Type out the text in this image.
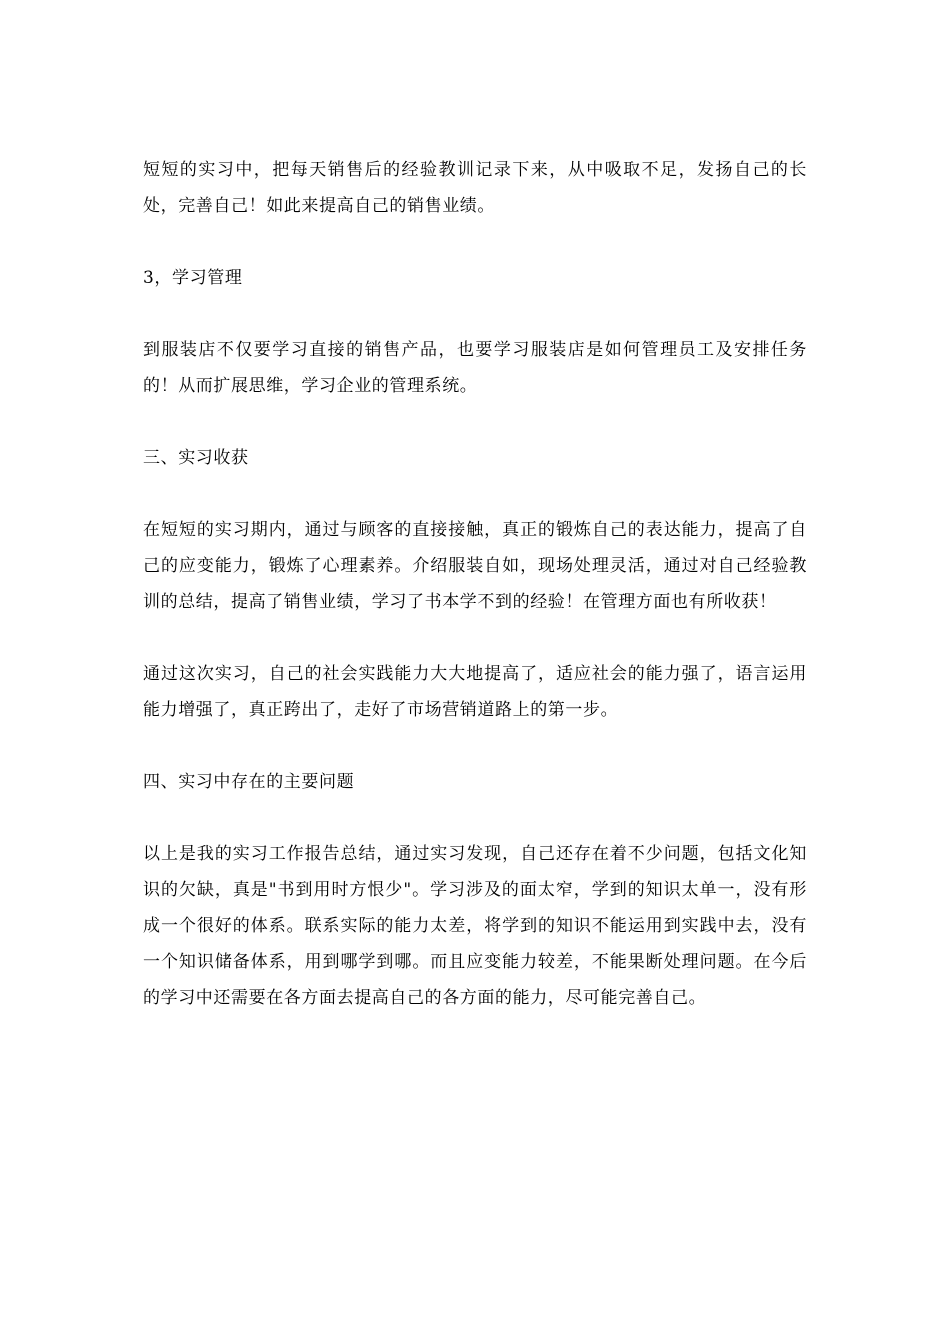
短短的实习中，把每天销售后的经验教训记录下来，从中吸取不足，发扬自己的长处，完善自己！如此来提高自己的销售业绩。

3，学习管理

到服装店不仅要学习直接的销售产品，也要学习服装店是如何管理员工及安排任务的！从而扩展思维，学习企业的管理系统。

三、实习收获

在短短的实习期内，通过与顾客的直接接触，真正的锻炼自己的表达能力，提高了自己的应变能力，锻炼了心理素养。介绍服装自如，现场处理灵活，通过对自己经验教训的总结，提高了销售业绩，学习了书本学不到的经验！在管理方面也有所收获！

通过这次实习，自己的社会实践能力大大地提高了，适应社会的能力强了，语言运用能力增强了，真正跨出了，走好了市场营销道路上的第一步。

四、实习中存在的主要问题

以上是我的实习工作报告总结，通过实习发现，自己还存在着不少问题，包括文化知识的欠缺，真是"书到用时方恨少"。学习涉及的面太窄，学到的知识太单一，没有形成一个很好的体系。联系实际的能力太差，将学到的知识不能运用到实践中去，没有一个知识储备体系，用到哪学到哪。而且应变能力较差，不能果断处理问题。在今后的学习中还需要在各方面去提高自己的各方面的能力，尽可能完善自己。
